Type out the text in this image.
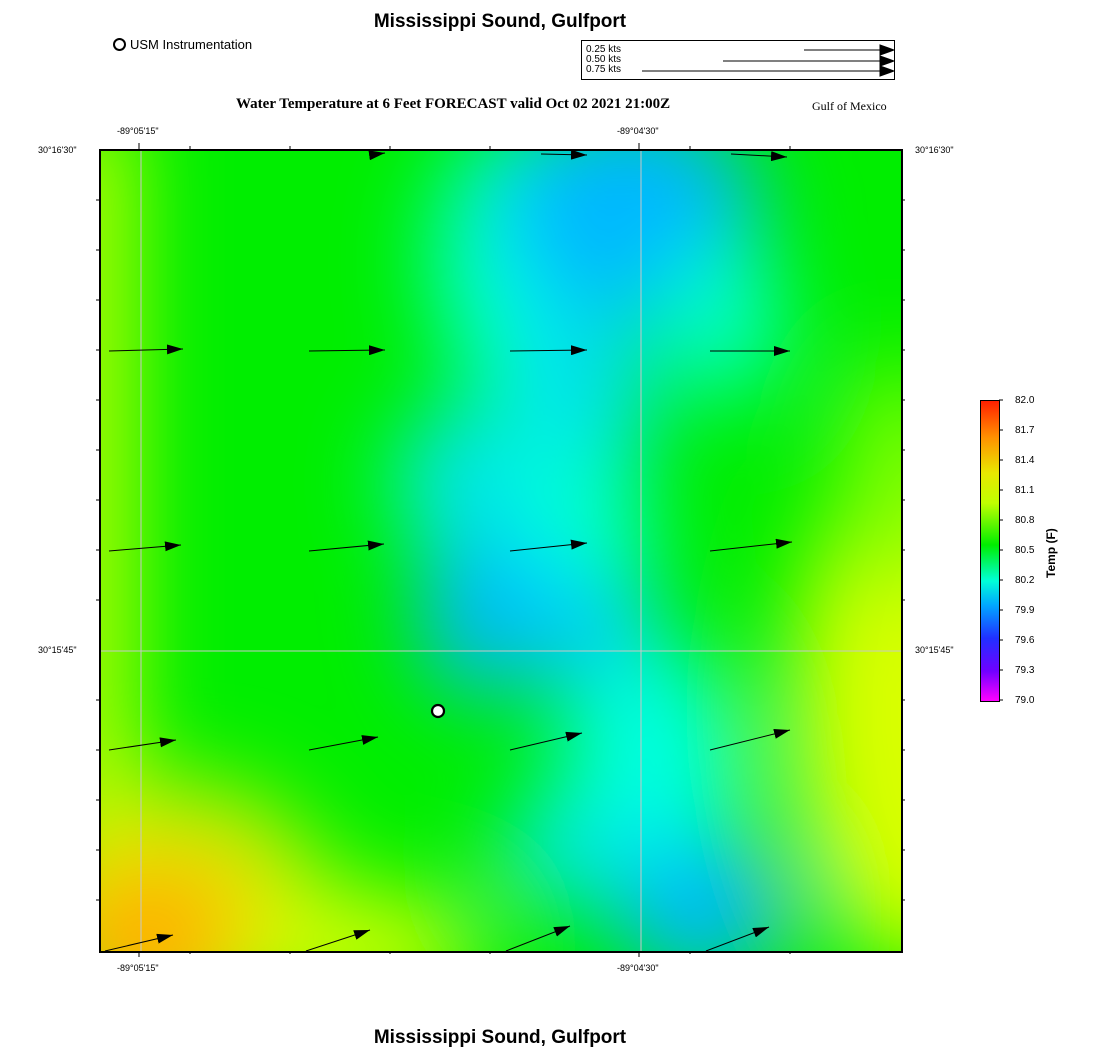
Mississippi Sound, Gulfport
USM Instrumentation	0.25 kts
0.50 kts
0.75 kts
Water Temperature at 6 Feet FORECAST valid Oct 02 2021 21:00Z	Gulf of Mexico
-89°05'15"	-89°04'30"
-89°05'15"	-89°04'30"
30°16'30"
30°15'45"
30°16'30"
30°15'45"
82.0
81.7
81.4
81.1
80.8
80.5
80.2
79.9
79.6
79.3
79.0
Temp (F)
Mississippi Sound, Gulfport
